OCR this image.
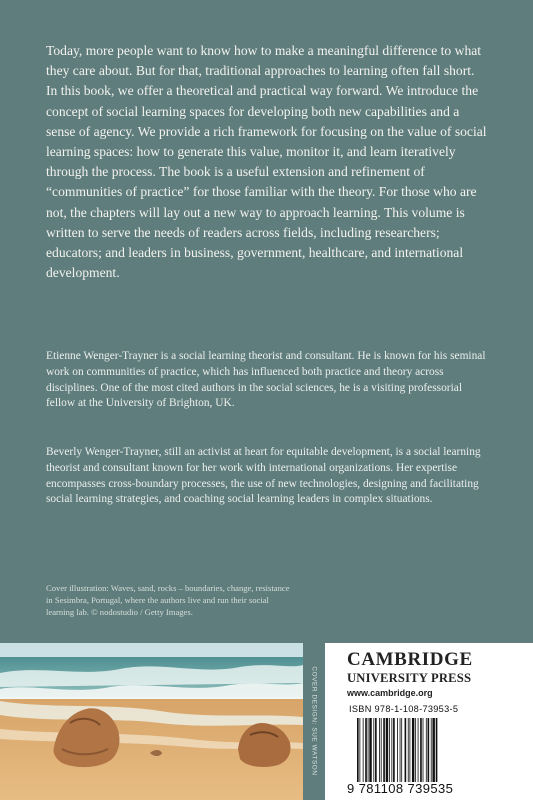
Today, more people want to know how to make a meaningful difference to what they care about. But for that, traditional approaches to learning often fall short. In this book, we offer a theoretical and practical way forward. We introduce the concept of social learning spaces for developing both new capabilities and a sense of agency. We provide a rich framework for focusing on the value of social learning spaces: how to generate this value, monitor it, and learn iteratively through the process. The book is a useful extension and refinement of “communities of practice” for those familiar with the theory. For those who are not, the chapters will lay out a new way to approach learning. This volume is written to serve the needs of readers across fields, including researchers; educators; and leaders in business, government, healthcare, and international development.

Etienne Wenger-Trayner is a social learning theorist and consultant. He is known for his seminal work on communities of practice, which has influenced both practice and theory across disciplines. One of the most cited authors in the social sciences, he is a visiting professorial fellow at the University of Brighton, UK.

Beverly Wenger-Trayner, still an activist at heart for equitable development, is a social learning theorist and consultant known for her work with international organizations. Her expertise encompasses cross-boundary processes, the use of new technologies, designing and facilitating social learning strategies, and coaching social learning leaders in complex situations.

Cover illustration: Waves, sand, rocks – boundaries, change, resistance in Sesimbra, Portugal, where the authors live and run their social learning lab. © nodostudio / Getty Images.

COVER DESIGN: SUE WATSON
CAMBRIDGE
UNIVERSITY PRESS
www.cambridge.org
ISBN 978-1-108-73953-5
9 781108 739535
